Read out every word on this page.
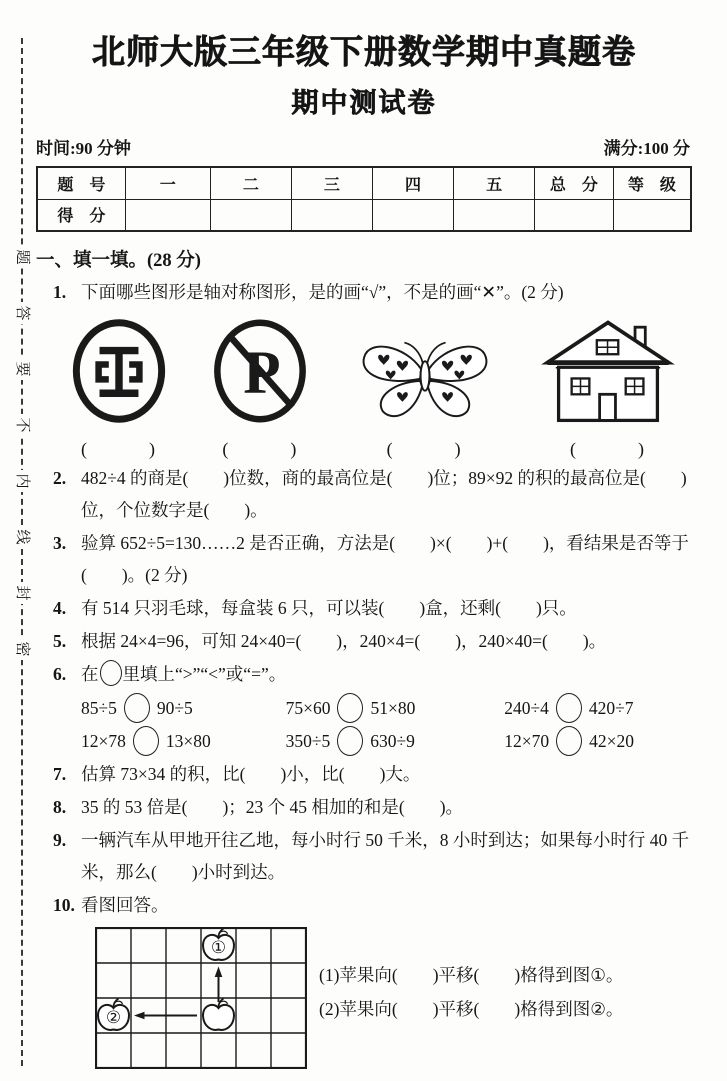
题
答
要
不
内
线
封
密
北师大版三年级下册数学期中真题卷
期中测试卷
时间:90 分钟	满分:100 分
题　号	一	二	三	四	五	总　分	等　级
得　分							
一、填一填。(28 分)
1. 下面哪些图形是轴对称图形，是的画“√”，不是的画“✕”。(2 分)
(　　　)
P
(　　　)	(　　　)	(　　　)
2. 482÷4 的商是(　　)位数，商的最高位是(　　)位；89×92 的积的最高位是(　　)位，个位数字是(　　)。
3. 验算 652÷5=130……2 是否正确，方法是(　　)×(　　)+(　　)，看结果是否等于(　　)。(2 分)
4. 有 514 只羽毛球，每盒装 6 只，可以装(　　)盒，还剩(　　)只。
5. 根据 24×4=96，可知 24×40=(　　)，240×4=(　　)，240×40=(　　)。
6. 在 里填上“>”“<”或“=”。
85÷5 90÷5	75×60 51×80	240÷4 420÷7
12×78 13×80	350÷5 630÷9	12×70 42×20
7. 估算 73×34 的积，比(　　)小，比(　　)大。
8. 35 的 53 倍是(　　)；23 个 45 相加的和是(　　)。
9. 一辆汽车从甲地开往乙地，每小时行 50 千米，8 小时到达；如果每小时行 40 千米，那么(　　)小时到达。
10. 看图回答。
①
②
(1)苹果向(　　)平移(　　)格得到图①。
(2)苹果向(　　)平移(　　)格得到图②。
